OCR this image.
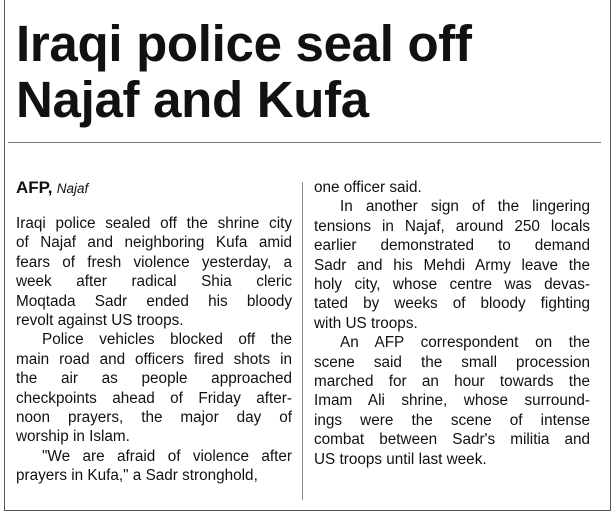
Iraqi police seal off
Najaf and Kufa
AFP, Najaf

Iraqi police sealed off the shrine city
of Najaf and neighboring Kufa amid
fears of fresh violence yesterday, a
week after radical Shia cleric
Moqtada Sadr ended his bloody
revolt against US troops.

Police vehicles blocked off the
main road and officers fired shots in
the air as people approached
checkpoints ahead of Friday after-
noon prayers, the major day of
worship in Islam.

"We are afraid of violence after
prayers in Kufa," a Sadr stronghold,

one officer said.

In another sign of the lingering
tensions in Najaf, around 250 locals
earlier demonstrated to demand
Sadr and his Mehdi Army leave the
holy city, whose centre was devas-
tated by weeks of bloody fighting
with US troops.

An AFP correspondent on the
scene said the small procession
marched for an hour towards the
Imam Ali shrine, whose surround-
ings were the scene of intense
combat between Sadr's militia and
US troops until last week.
